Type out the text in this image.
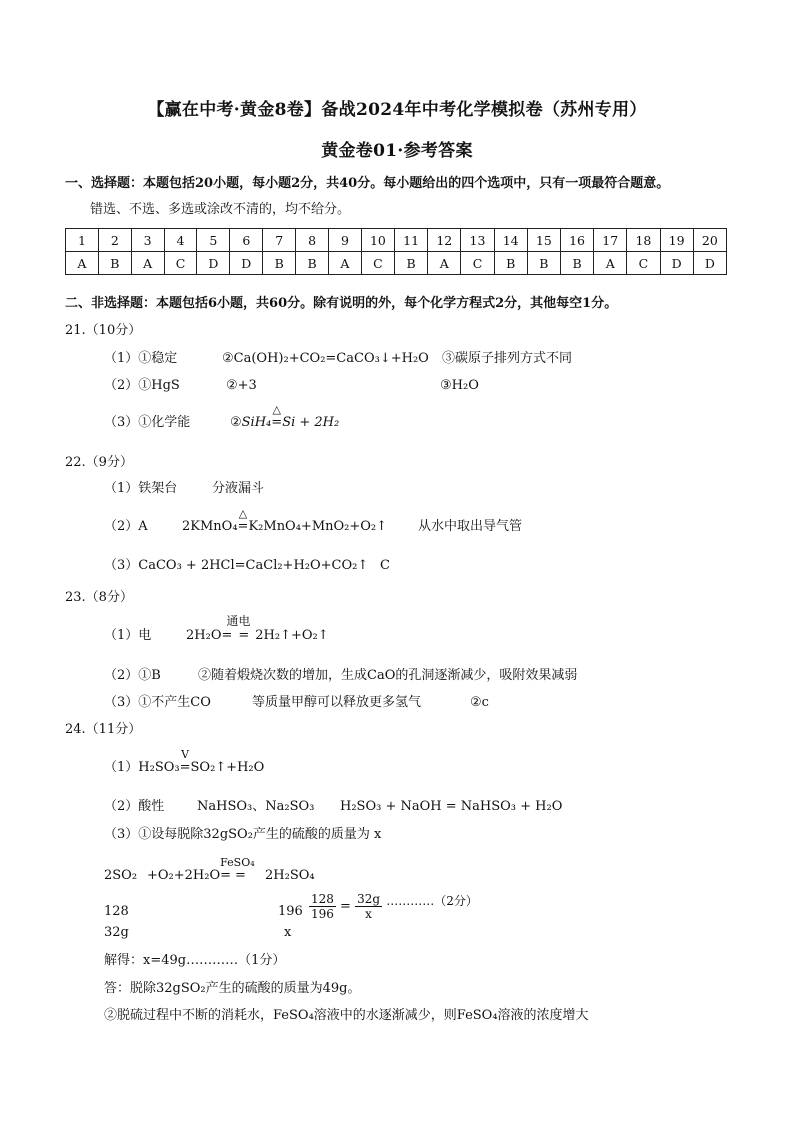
【赢在中考·黄金8卷】备战2024年中考化学模拟卷（苏州专用）
黄金卷01·参考答案
一、选择题：本题包括20小题，每小题2分，共40分。每小题给出的四个选项中，只有一项最符合题意。
错选、不选、多选或涂改不清的，均不给分。
1	2	3	4	5	6	7	8	9	10	11	12	13	14	15	16	17	18	19	20
A	B	A	C	D	D	B	B	A	C	B	A	C	B	B	B	A	C	D	D
二、非选择题：本题包括6小题，共60分。除有说明的外，每个化学方程式2分，其他每空1分。
21.（10分）
（1）①稳定	②Ca(OH)₂+CO₂=CaCO₃↓+H₂O ③碳原子排列方式不同
（2）①HgS	②+3	③H₂O
（3）①化学能	②SiH₄=
△
Si + 2H₂
22.（9分）
（1）铁架台	分液漏斗
（2）A	2KMnO₄=
△
K₂MnO₄+MnO₂+O₂↑ 从水中取出导气管
（3）CaCO₃ + 2HCl=CaCl₂+H₂O+CO₂↑ C
23.（8分）
（1）电	2H₂O==
通电
2H₂↑+O₂↑
（2）①B	②随着煅烧次数的增加，生成CaO的孔洞逐渐减少，吸附效果减弱
（3）①不产生CO	等质量甲醇可以释放更多氢气	②c
24.（11分）
（1）H₂SO₃=
V
SO₂↑+H₂O
（2）酸性	NaHSO₃、Na₂SO₃ H₂SO₃ + NaOH = NaHSO₃ + H₂O
（3）①设每脱除32gSO₂产生的硫酸的质量为 x
2SO₂ +O₂+2H₂O==
FeSO₄
2H₂SO₄
128
32g
196
x
$\frac{128}{196} = \frac{32g}{x}$ …………（2分）
解得：x=49g…………（1分）
答：脱除32gSO₂产生的硫酸的质量为49g。
②脱硫过程中不断的消耗水，FeSO₄溶液中的水逐渐减少，则FeSO₄溶液的浓度增大
